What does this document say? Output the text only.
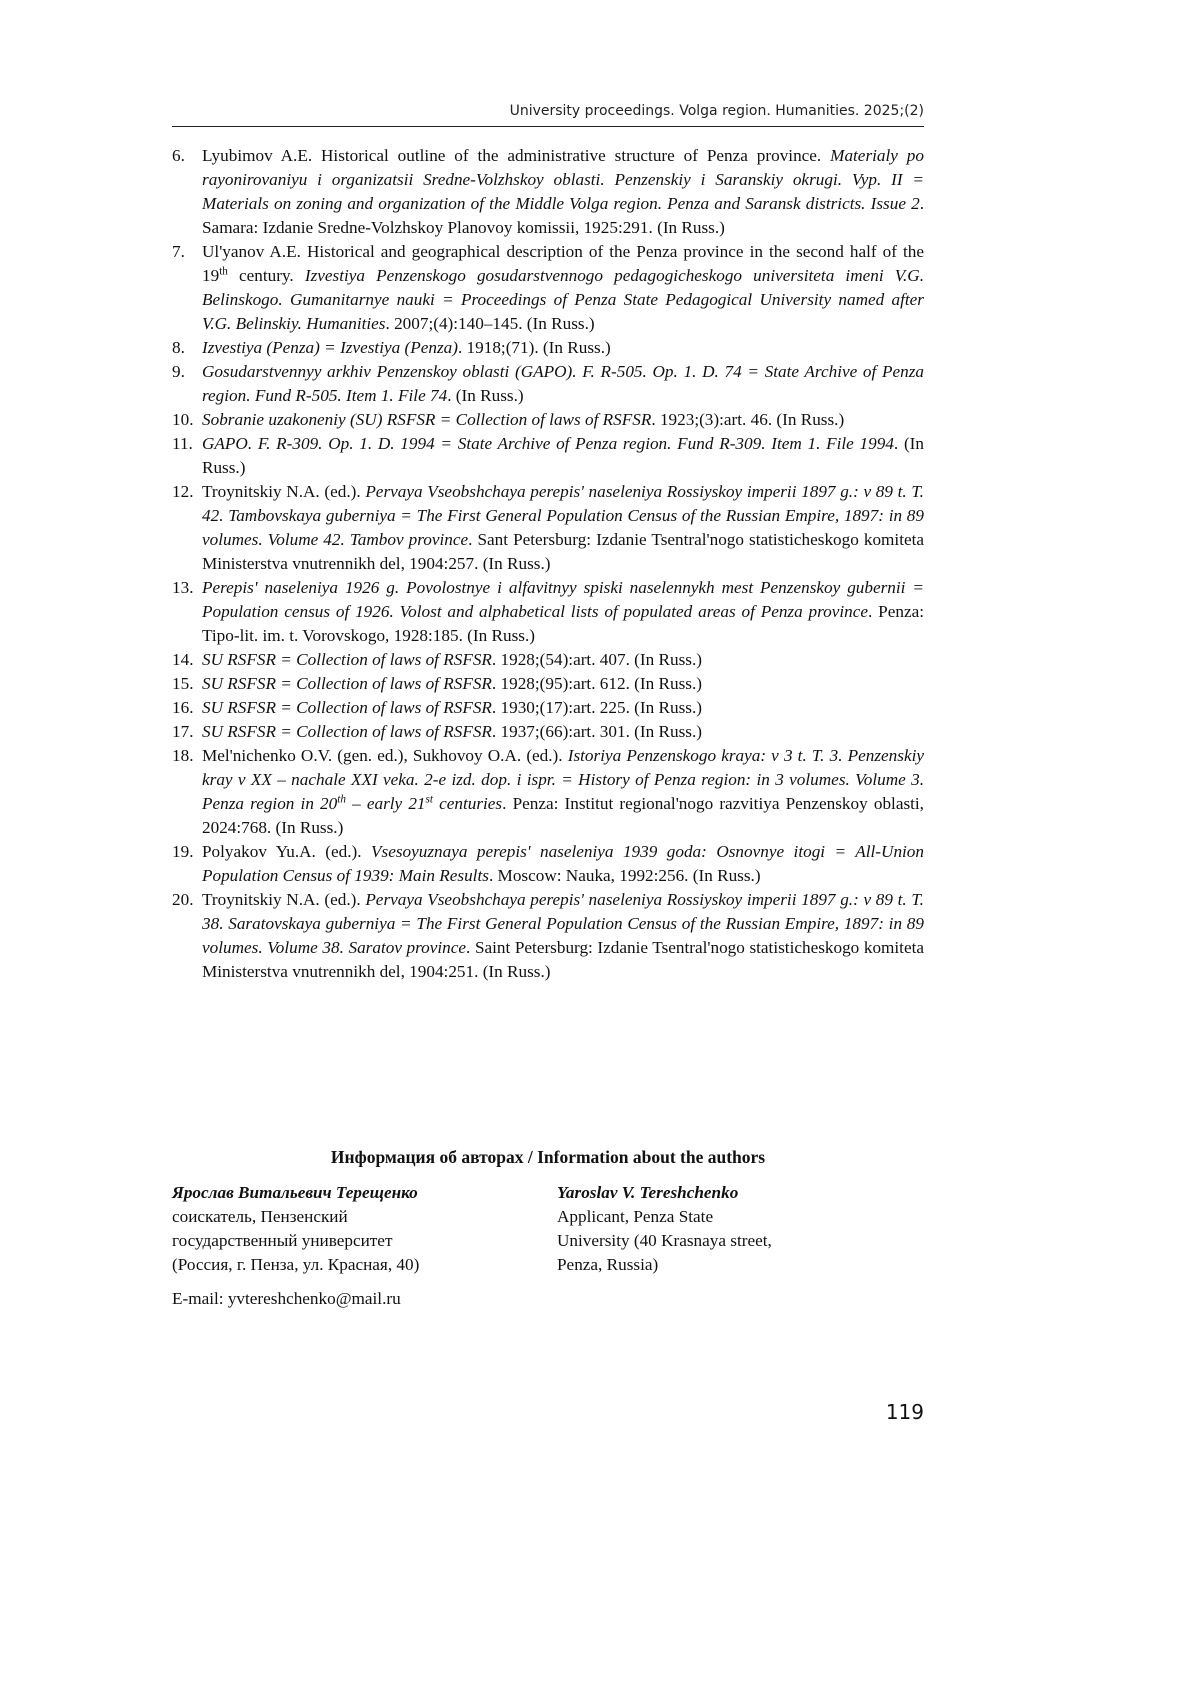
University proceedings. Volga region. Humanities. 2025;(2)
6. Lyubimov A.E. Historical outline of the administrative structure of Penza province. Materialy po rayonirovaniyu i organizatsii Sredne-Volzhskoy oblasti. Penzenskiy i Saranskiy okrugi. Vyp. II = Materials on zoning and organization of the Middle Volga region. Penza and Saransk districts. Issue 2. Samara: Izdanie Sredne-Volzhskoy Planovoy komissii, 1925:291. (In Russ.)
7. Ul'yanov A.E. Historical and geographical description of the Penza province in the second half of the 19th century. Izvestiya Penzenskogo gosudarstvennogo pedagogicheskogo universiteta imeni V.G. Belinskogo. Gumanitarnye nauki = Proceedings of Penza State Pedagogical University named after V.G. Belinskiy. Humanities. 2007;(4):140–145. (In Russ.)
8. Izvestiya (Penza) = Izvestiya (Penza). 1918;(71). (In Russ.)
9. Gosudarstvennyy arkhiv Penzenskoy oblasti (GAPO). F. R-505. Op. 1. D. 74 = State Archive of Penza region. Fund R-505. Item 1. File 74. (In Russ.)
10. Sobranie uzakoneniy (SU) RSFSR = Collection of laws of RSFSR. 1923;(3):art. 46. (In Russ.)
11. GAPO. F. R-309. Op. 1. D. 1994 = State Archive of Penza region. Fund R-309. Item 1. File 1994. (In Russ.)
12. Troynitskiy N.A. (ed.). Pervaya Vseobshchaya perepis' naseleniya Rossiyskoy imperii 1897 g.: v 89 t. T. 42. Tambovskaya guberniya = The First General Population Census of the Russian Empire, 1897: in 89 volumes. Volume 42. Tambov province. Sant Petersburg: Izdanie Tsentral'nogo statisticheskogo komiteta Ministerstva vnutrennikh del, 1904:257. (In Russ.)
13. Perepis' naseleniya 1926 g. Povolostnye i alfavitnyy spiski naselennykh mest Penzenskoy gubernii = Population census of 1926. Volost and alphabetical lists of populated areas of Penza province. Penza: Tipo-lit. im. t. Vorovskogo, 1928:185. (In Russ.)
14. SU RSFSR = Collection of laws of RSFSR. 1928;(54):art. 407. (In Russ.)
15. SU RSFSR = Collection of laws of RSFSR. 1928;(95):art. 612. (In Russ.)
16. SU RSFSR = Collection of laws of RSFSR. 1930;(17):art. 225. (In Russ.)
17. SU RSFSR = Collection of laws of RSFSR. 1937;(66):art. 301. (In Russ.)
18. Mel'nichenko O.V. (gen. ed.), Sukhovoy O.A. (ed.). Istoriya Penzenskogo kraya: v 3 t. T. 3. Penzenskiy kray v XX – nachale XXI veka. 2-e izd. dop. i ispr. = History of Penza region: in 3 volumes. Volume 3. Penza region in 20th – early 21st centuries. Penza: Institut regional'nogo razvitiya Penzenskoy oblasti, 2024:768. (In Russ.)
19. Polyakov Yu.A. (ed.). Vsesoyuznaya perepis' naseleniya 1939 goda: Osnovnye itogi = All-Union Population Census of 1939: Main Results. Moscow: Nauka, 1992:256. (In Russ.)
20. Troynitskiy N.A. (ed.). Pervaya Vseobshchaya perepis' naseleniya Rossiyskoy imperii 1897 g.: v 89 t. T. 38. Saratovskaya guberniya = The First General Population Census of the Russian Empire, 1897: in 89 volumes. Volume 38. Saratov province. Saint Petersburg: Izdanie Tsentral'nogo statisticheskogo komiteta Ministerstva vnutrennikh del, 1904:251. (In Russ.)
Информация об авторах / Information about the authors
Ярослав Витальевич Терещенко
соискатель, Пензенский
государственный университет
(Россия, г. Пенза, ул. Красная, 40)
Yaroslav V. Tereshchenko
Applicant, Penza State
University (40 Krasnaya street,
Penza, Russia)
E-mail: yvtereshchenko@mail.ru
119
